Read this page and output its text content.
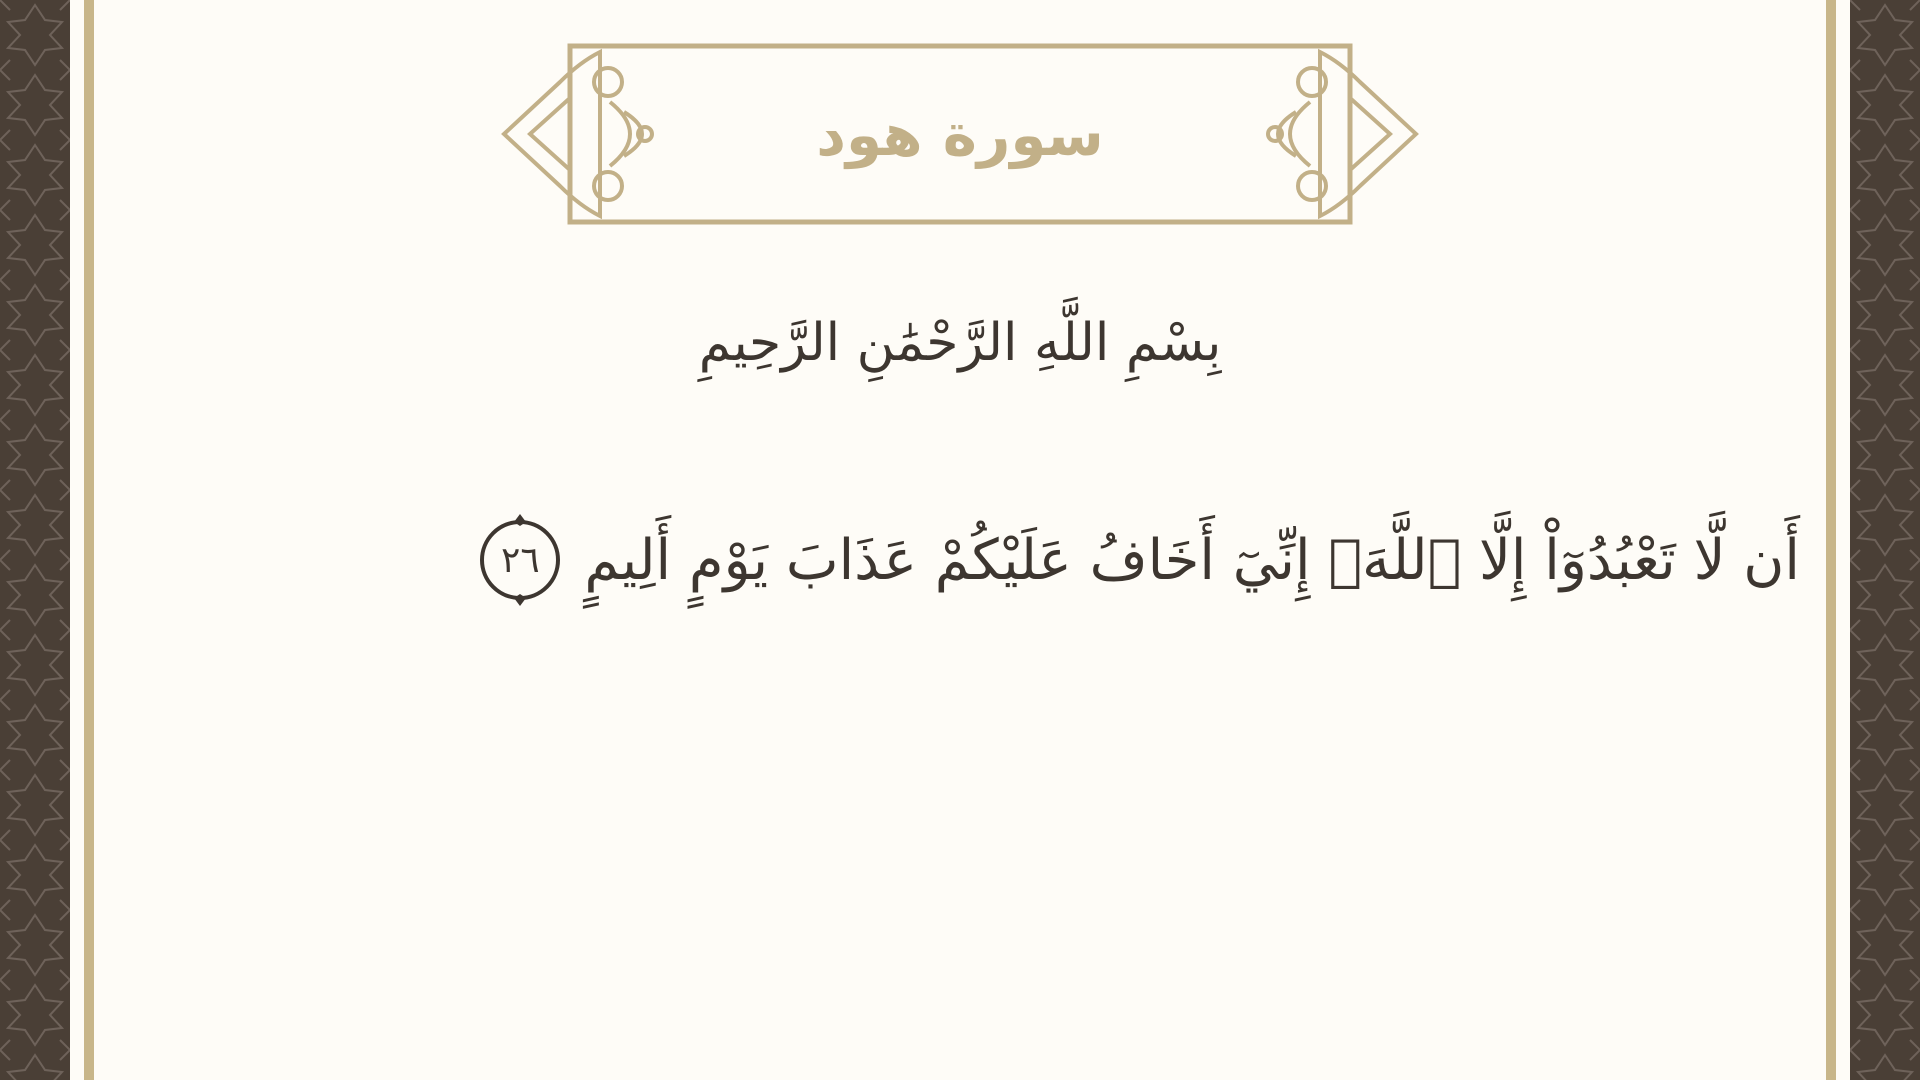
سورة هود
بِسْمِ اللَّهِ الرَّحْمَٰنِ الرَّحِيمِ
أَن لَّا تَعْبُدُوٓاْ إِلَّا ٱللَّهَۖ إِنِّيٓ أَخَافُ عَلَيْكُمْ عَذَابَ يَوْمٍ أَلِيمٍ
٢٦
